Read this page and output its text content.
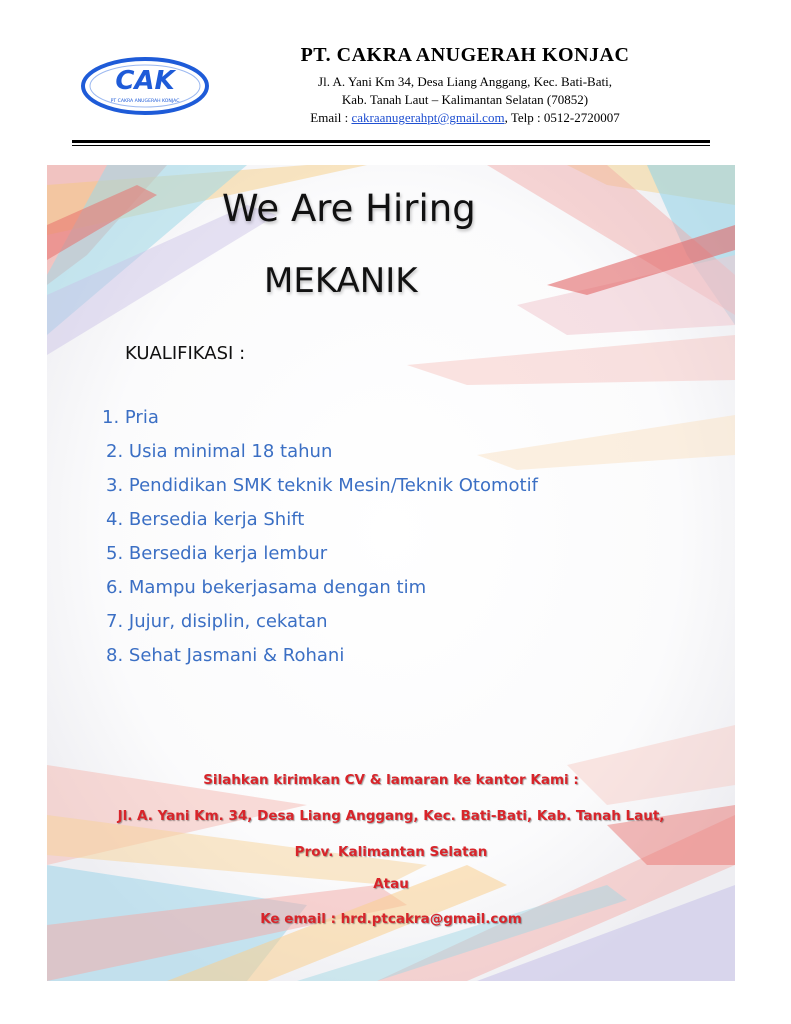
CAK
PT CAKRA ANUGERAH KONJAC
PT. CAKRA ANUGERAH KONJAC
Jl. A. Yani Km 34, Desa Liang Anggang, Kec. Bati-Bati,
Kab. Tanah Laut – Kalimantan Selatan (70852)
Email : cakraanugerahpt@gmail.com, Telp : 0512-2720007
We Are Hiring
MEKANIK
KUALIFIKASI :
1. Pria
2. Usia minimal 18 tahun
3. Pendidikan SMK teknik Mesin/Teknik Otomotif
4. Bersedia kerja Shift
5. Bersedia kerja lembur
6. Mampu bekerjasama dengan tim
7. Jujur, disiplin, cekatan
8. Sehat Jasmani & Rohani
Silahkan kirimkan CV & lamaran ke kantor Kami :
Jl. A. Yani Km. 34, Desa Liang Anggang, Kec. Bati-Bati, Kab. Tanah Laut,
Prov. Kalimantan Selatan
Atau
Ke email : hrd.ptcakra@gmail.com
